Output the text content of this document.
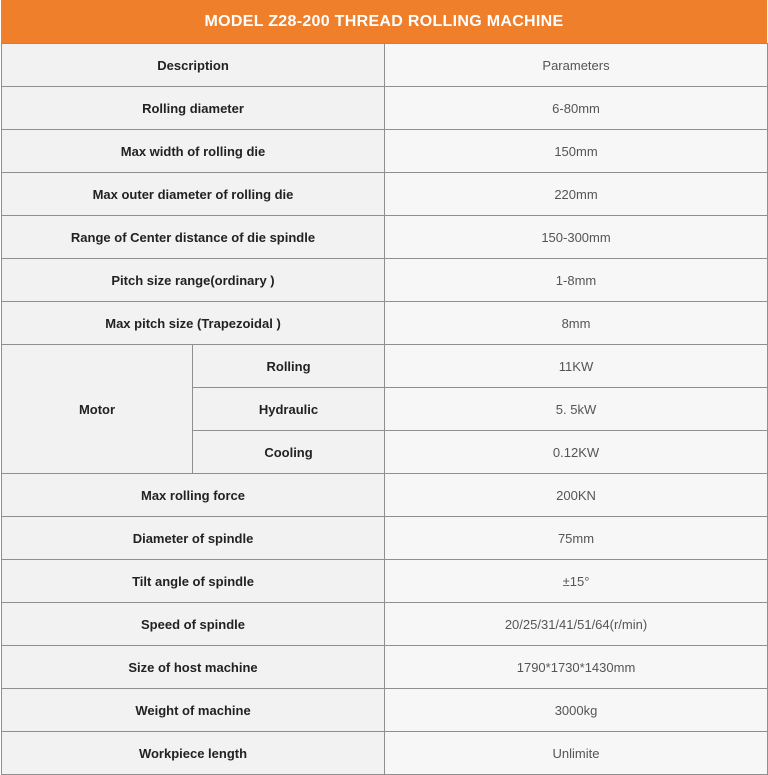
MODEL Z28-200 THREAD ROLLING MACHINE
Description		Parameters
Rolling diameter		6-80mm
Max width of rolling die		150mm
Max outer diameter of rolling die		220mm
Range of Center distance of die spindle		150-300mm
Pitch size range(ordinary )		1-8mm
Max pitch size (Trapezoidal )		8mm
Motor	Rolling	11KW
	Hydraulic	5. 5kW
	Cooling	0.12KW
Max rolling force		200KN
Diameter of spindle		75mm
Tilt angle of spindle		±15°
Speed of spindle		20/25/31/41/51/64(r/min)
Size of host machine		1790*1730*1430mm
Weight of machine		3000kg
Workpiece length		Unlimite
